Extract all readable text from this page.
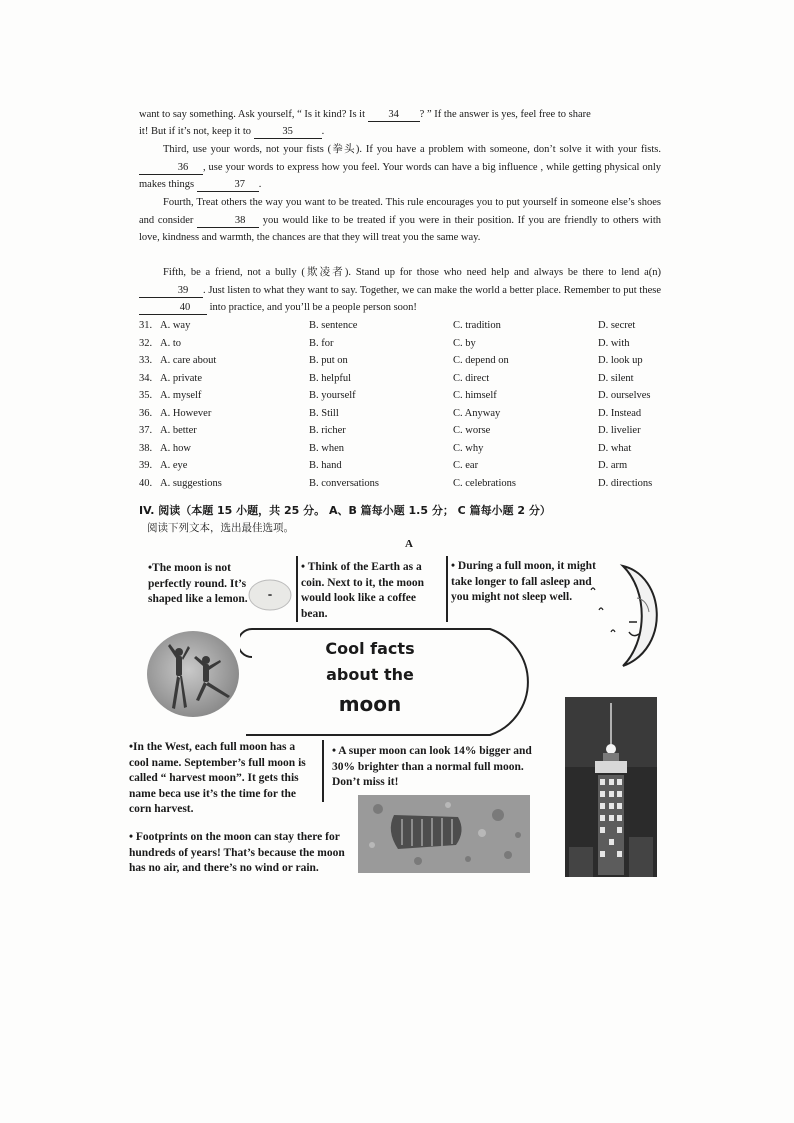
want to say something. Ask yourself, “ Is it kind? Is it 34 ? ” If the answer is yes, feel free to share

it! But if it’s not, keep it to	35	.

Third, use your words, not your fists (拳头). If you have a problem with someone, don’t solve it with your fists. 36 , use your words to express how you feel. Your words can have a big influence , while getting physical only makes things	37 .

Fourth, Treat others the way you want to be treated. This rule encourages you to put yourself in someone else’s shoes and consider	38 you would like to be treated if you were in their position. If you are friendly to others with love, kindness and warmth, the chances are that they will treat you the same way.

Fifth, be a friend, not a bully (欺凌者). Stand up for those who need help and always be there to lend a(n) 39 . Just listen to what they want to say. Together, we can make the world a better place. Remember to put these 40 into practice, and you’ll be a people person soon!

31. A. way	B. sentence	C. tradition	D. secret
32. A. to	B. for	C. by	D. with
33. A. care about	B. put on	C. depend on	D. look up
34. A. private	B. helpful	C. direct	D. silent
35. A. myself	B. yourself	C. himself	D. ourselves
36. A. However	B. Still	C. Anyway	D. Instead
37. A. better	B. richer	C. worse	D. livelier
38. A. how	B. when	C. why	D. what
39. A. eye	B. hand	C. ear	D. arm
40. A. suggestions	B. conversations	C. celebrations	D. directions
IV. 阅读（本题 15 小题，共 25 分。 A、B 篇每小题 1.5 分； C 篇每小题 2 分）
阅读下列文本，选出最佳选项。
A
Cool facts
about the
moon
•The moon is not perfectly round. It’s shaped like a lemon.
• Think of the Earth as a coin. Next to it, the moon would look like a coffee bean.
• During a full moon, it might take longer to fall asleep and you might not sleep well.
•In the West, each full moon has a cool name. September’s full moon is called “ harvest moon”. It gets this name beca use it’s the time for the corn harvest.
• A super moon can look 14% bigger and 30% brighter than a normal full moon. Don’t miss it!
• Footprints on the moon can stay there for hundreds of years! That’s because the moon has no air, and there’s no wind or rain.
